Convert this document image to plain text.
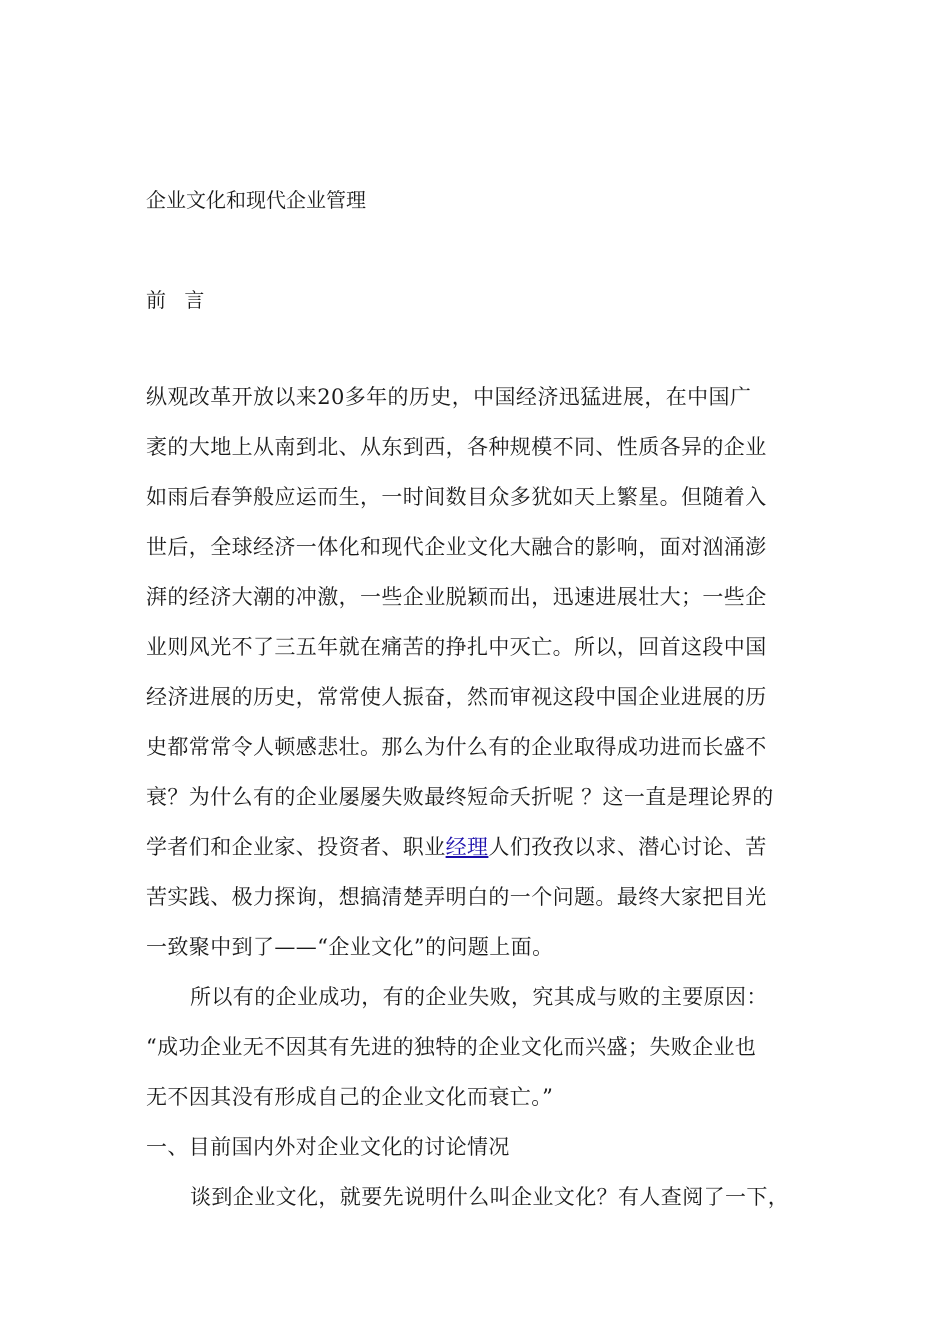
企业文化和现代企业管理
前 言
纵观改革开放以来20多年的历史，中国经济迅猛进展，在中国广
袤的大地上从南到北、从东到西，各种规模不同、性质各异的企业
如雨后春笋般应运而生，一时间数目众多犹如天上繁星。但随着入
世后，全球经济一体化和现代企业文化大融合的影响，面对汹涌澎
湃的经济大潮的冲激，一些企业脱颖而出，迅速进展壮大；一些企
业则风光不了三五年就在痛苦的挣扎中灭亡。所以，回首这段中国
经济进展的历史，常常使人振奋，然而审视这段中国企业进展的历
史都常常令人顿感悲壮。那么为什么有的企业取得成功进而长盛不
衰？为什么有的企业屡屡失败最终短命夭折呢 ？这一直是理论界的
学者们和企业家、投资者、职业经理人们孜孜以求、潜心讨论、苦
苦实践、极力探询，想搞清楚弄明白的一个问题。最终大家把目光
一致聚中到了——“企业文化”的问题上面。
所以有的企业成功，有的企业失败，究其成与败的主要原因：
“成功企业无不因其有先进的独特的企业文化而兴盛；失败企业也
无不因其没有形成自己的企业文化而衰亡。”
一、目前国内外对企业文化的讨论情况
谈到企业文化，就要先说明什么叫企业文化？有人查阅了一下，
